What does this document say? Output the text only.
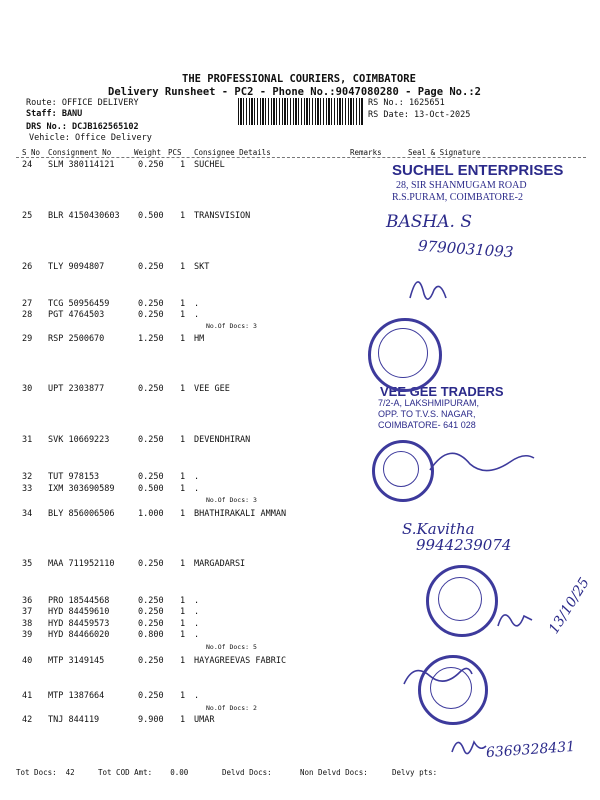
THE PROFESSIONAL COURIERS, COIMBATORE
Delivery Runsheet - PC2 - Phone No.:9047080280 - Page No.:2
Route: OFFICE DELIVERY
Staff: BANU
DRS No.: DCJB162565102
Vehicle: Office Delivery
RS No.: 1625651
RS Date: 13-Oct-2025
S No Consignment No	Weight PCS Consignee Details	Remarks	Seal & Signature
24 SLM 380114121	0.250 1 SUCHEL
25 BLR 4150430603 0.500 1 TRANSVISION
26 TLY 9094807	0.250 1 SKT
27 TCG 50956459	0.250 1 .
28 PGT 4764503	0.250 1 .
29 RSP 2500670	1.250 1 HM
30 UPT 2303877	0.250 1 VEE GEE
31 SVK 10669223	0.250 1 DEVENDHIRAN
32 TUT 978153	0.250 1 .
33 IXM 303690589	0.500 1 .
34 BLY 856006506	1.000 1 BHATHIRAKALI AMMAN
35 MAA 711952110	0.250 1 MARGADARSI
36 PRO 18544568	0.250 1 .
37 HYD 84459610	0.250 1 .
38 HYD 84459573	0.250 1 .
39 HYD 84466020	0.800 1 .
40 MTP 3149145	0.250 1 HAYAGREEVAS FABRIC
41 MTP 1387664	0.250 1 .
42 TNJ 844119	9.900 1 UMAR
No.Of Docs: 3
No.Of Docs: 3
No.Of Docs: 5
No.Of Docs: 2
SUCHEL ENTERPRISES
28, SIR SHANMUGAM ROAD
R.S.PURAM, COIMBATORE-2
VEE GEE TRADERS
7/2-A, LAKSHMIPURAM,
OPP. TO T.V.S. NAGAR,
COIMBATORE- 641 028
BASHA. S
9790031093
S.Kavitha
9944239074
13/10/25
6369328431
Tot Docs:  42	Tot COD Amt:    0.00	Delvd Docs:	Non Delvd Docs:	Delvy pts:
